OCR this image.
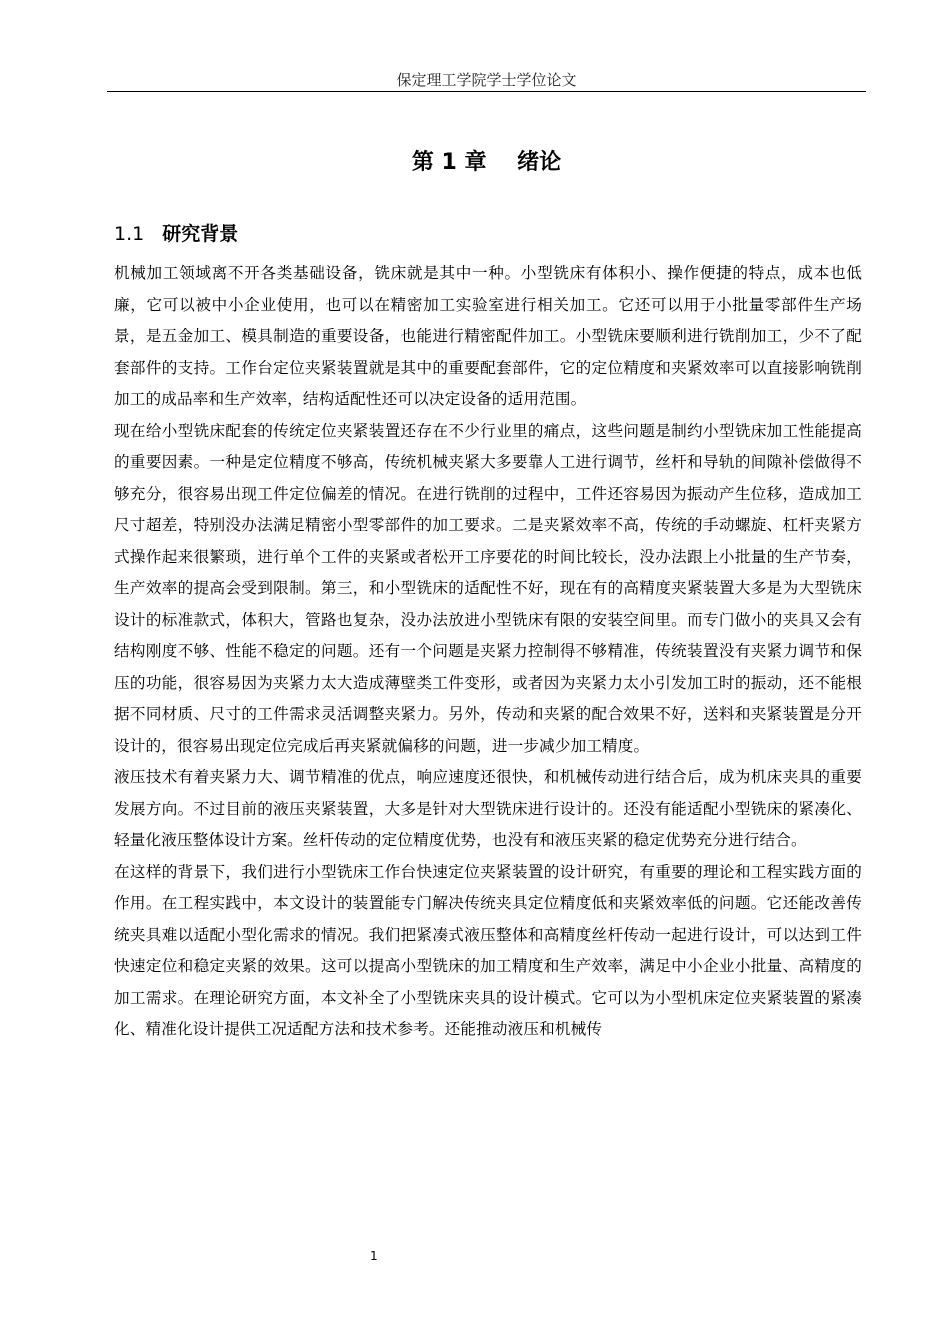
保定理工学院学士学位论文
第 1 章    绪论
1.1 研究背景

机械加工领域离不开各类基础设备，铣床就是其中一种。小型铣床有体积小、操作便捷的特点，成本也低廉，它可以被中小企业使用，也可以在精密加工实验室进行相关加工。它还可以用于小批量零部件生产场景，是五金加工、模具制造的重要设备，也能进行精密配件加工。小型铣床要顺利进行铣削加工，少不了配套部件的支持。工作台定位夹紧装置就是其中的重要配套部件，它的定位精度和夹紧效率可以直接影响铣削加工的成品率和生产效率，结构适配性还可以决定设备的适用范围。

现在给小型铣床配套的传统定位夹紧装置还存在不少行业里的痛点，这些问题是制约小型铣床加工性能提高的重要因素。一种是定位精度不够高，传统机械夹紧大多要靠人工进行调节，丝杆和导轨的间隙补偿做得不够充分，很容易出现工件定位偏差的情况。在进行铣削的过程中，工件还容易因为振动产生位移，造成加工尺寸超差，特别没办法满足精密小型零部件的加工要求。二是夹紧效率不高，传统的手动螺旋、杠杆夹紧方式操作起来很繁琐，进行单个工件的夹紧或者松开工序要花的时间比较长，没办法跟上小批量的生产节奏，生产效率的提高会受到限制。第三，和小型铣床的适配性不好，现在有的高精度夹紧装置大多是为大型铣床设计的标准款式，体积大，管路也复杂，没办法放进小型铣床有限的安装空间里。而专门做小的夹具又会有结构刚度不够、性能不稳定的问题。还有一个问题是夹紧力控制得不够精准，传统装置没有夹紧力调节和保压的功能，很容易因为夹紧力太大造成薄壁类工件变形，或者因为夹紧力太小引发加工时的振动，还不能根据不同材质、尺寸的工件需求灵活调整夹紧力。另外，传动和夹紧的配合效果不好，送料和夹紧装置是分开设计的，很容易出现定位完成后再夹紧就偏移的问题，进一步减少加工精度。

液压技术有着夹紧力大、调节精准的优点，响应速度还很快，和机械传动进行结合后，成为机床夹具的重要发展方向。不过目前的液压夹紧装置，大多是针对大型铣床进行设计的。还没有能适配小型铣床的紧凑化、轻量化液压整体设计方案。丝杆传动的定位精度优势，也没有和液压夹紧的稳定优势充分进行结合。

在这样的背景下，我们进行小型铣床工作台快速定位夹紧装置的设计研究，有重要的理论和工程实践方面的作用。在工程实践中，本文设计的装置能专门解决传统夹具定位精度低和夹紧效率低的问题。它还能改善传统夹具难以适配小型化需求的情况。我们把紧凑式液压整体和高精度丝杆传动一起进行设计，可以达到工件快速定位和稳定夹紧的效果。这可以提高小型铣床的加工精度和生产效率，满足中小企业小批量、高精度的加工需求。在理论研究方面，本文补全了小型铣床夹具的设计模式。它可以为小型机床定位夹紧装置的紧凑化、精准化设计提供工况适配方法和技术参考。还能推动液压和机械传

1
